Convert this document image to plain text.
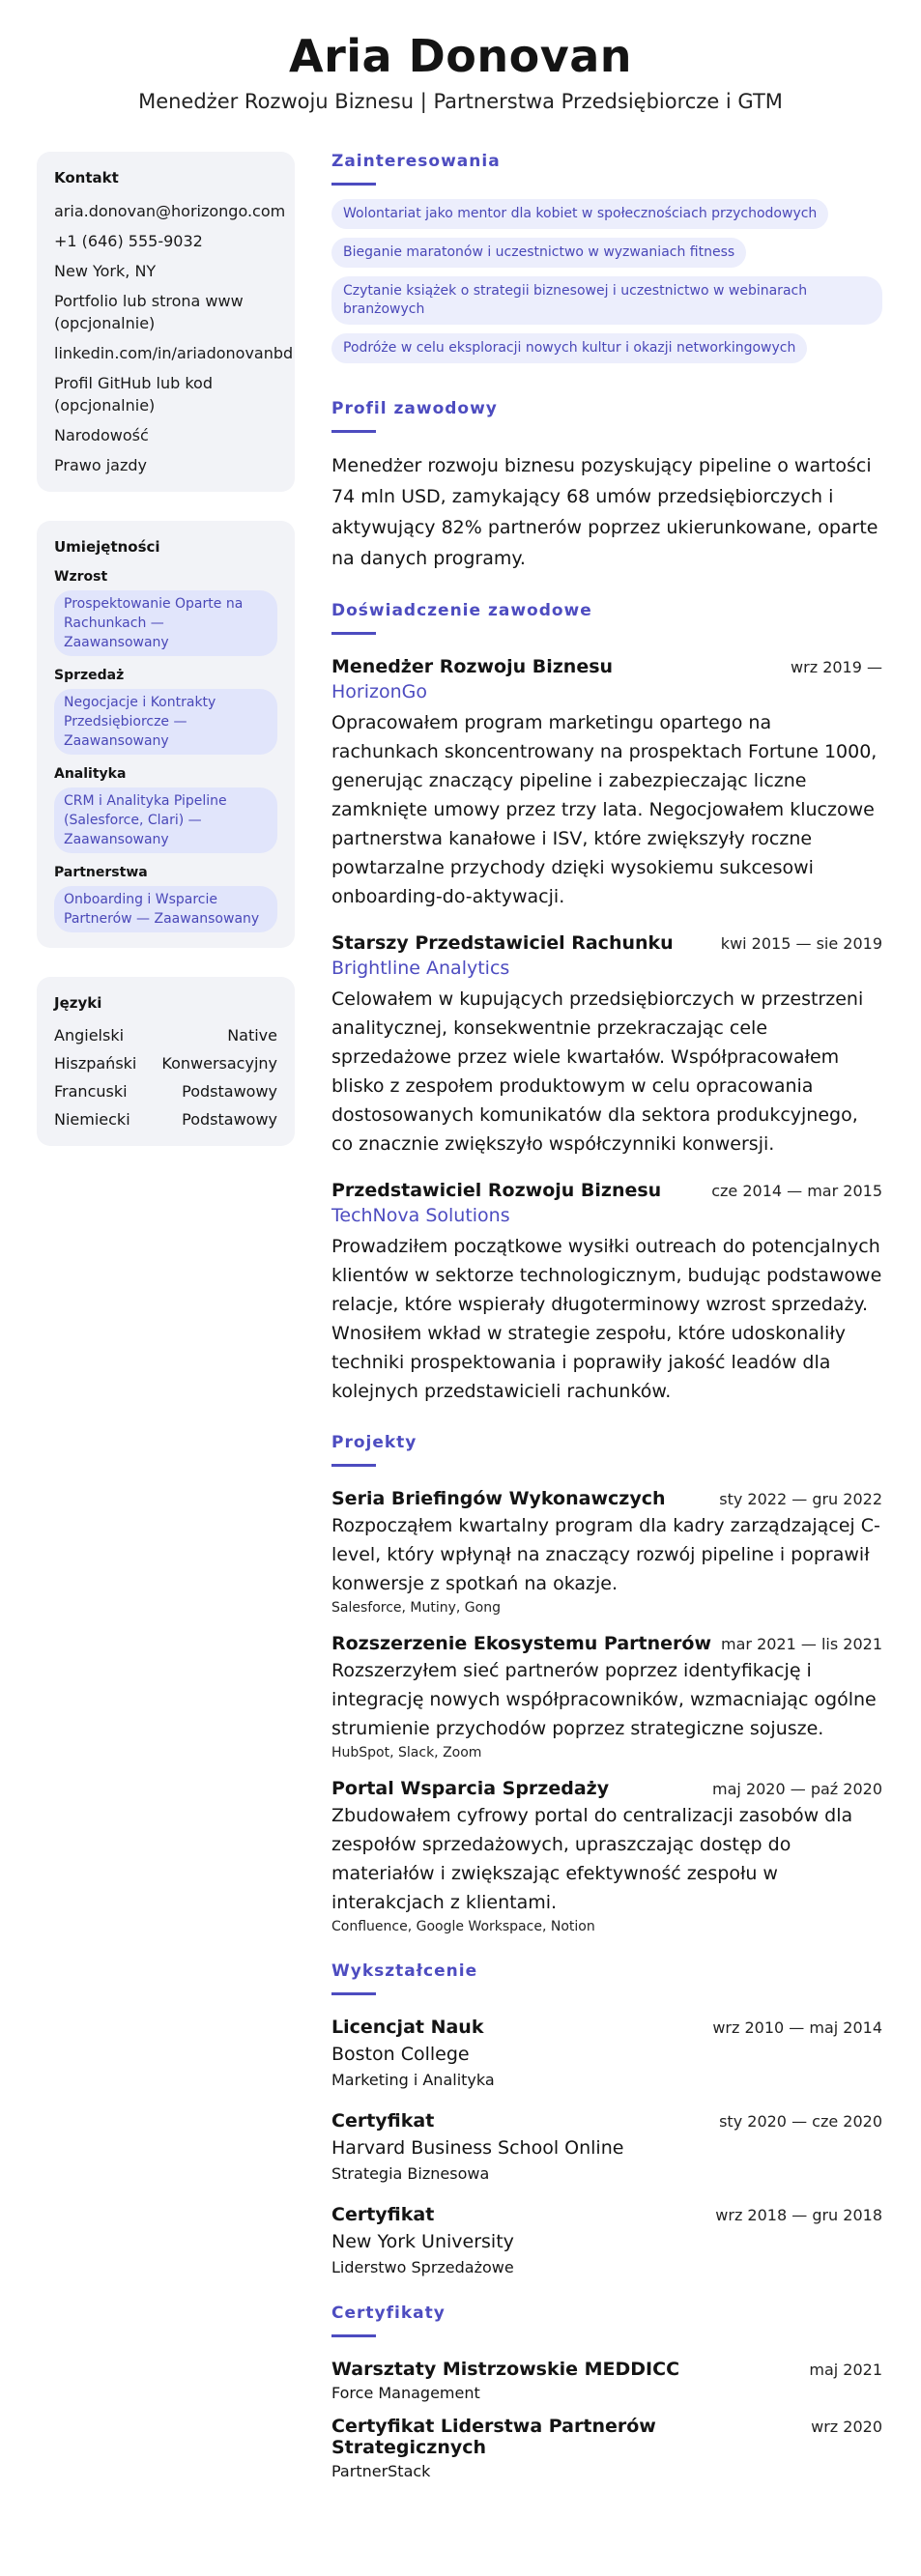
Aria Donovan
Menedżer Rozwoju Biznesu | Partnerstwa Przedsiębiorcze i GTM
Kontakt
aria.donovan@horizongo.com
+1 (646) 555-9032
New York, NY
Portfolio lub strona www (opcjonalnie)
linkedin.com/in/ariadonovanbd
Profil GitHub lub kod (opcjonalnie)
Narodowość
Prawo jazdy
Umiejętności
Wzrost
Prospektowanie Oparte na Rachunkach — Zaawansowany
Sprzedaż
Negocjacje i Kontrakty Przedsiębiorcze — Zaawansowany
Analityka
CRM i Analityka Pipeline (Salesforce, Clari) — Zaawansowany
Partnerstwa
Onboarding i Wsparcie Partnerów — Zaawansowany
Języki
Angielski	Native
Hiszpański Konwersacyjny
Francuski	Podstawowy
Niemiecki	Podstawowy
Zainteresowania
Wolontariat jako mentor dla kobiet w społecznościach przychodowych
Bieganie maratonów i uczestnictwo w wyzwaniach fitness
Czytanie książek o strategii biznesowej i uczestnictwo w webinarach branżowych
Podróże w celu eksploracji nowych kultur i okazji networkingowych
Profil zawodowy
Menedżer rozwoju biznesu pozyskujący pipeline o wartości 74 mln USD, zamykający 68 umów przedsiębiorczych i aktywujący 82% partnerów poprzez ukierunkowane, oparte na danych programy.
Doświadczenie zawodowe
Menedżer Rozwoju Biznesu	wrz 2019 —
HorizonGo
Opracowałem program marketingu opartego na rachunkach skoncentrowany na prospektach Fortune 1000, generując znaczący pipeline i zabezpieczając liczne zamknięte umowy przez trzy lata. Negocjowałem kluczowe partnerstwa kanałowe i ISV, które zwiększyły roczne powtarzalne przychody dzięki wysokiemu sukcesowi onboarding-do-aktywacji.
Starszy Przedstawiciel Rachunku	kwi 2015 — sie 2019
Brightline Analytics
Celowałem w kupujących przedsiębiorczych w przestrzeni analitycznej, konsekwentnie przekraczając cele sprzedażowe przez wiele kwartałów. Współpracowałem blisko z zespołem produktowym w celu opracowania dostosowanych komunikatów dla sektora produkcyjnego, co znacznie zwiększyło współczynniki konwersji.
Przedstawiciel Rozwoju Biznesu	cze 2014 — mar 2015
TechNova Solutions
Prowadziłem początkowe wysiłki outreach do potencjalnych klientów w sektorze technologicznym, budując podstawowe relacje, które wspierały długoterminowy wzrost sprzedaży. Wnosiłem wkład w strategie zespołu, które udoskonaliły techniki prospektowania i poprawiły jakość leadów dla kolejnych przedstawicieli rachunków.
Projekty
Seria Briefingów Wykonawczych	sty 2022 — gru 2022
Rozpocząłem kwartalny program dla kadry zarządzającej C-level, który wpłynął na znaczący rozwój pipeline i poprawił konwersje z spotkań na okazje.
Salesforce, Mutiny, Gong
Rozszerzenie Ekosystemu Partnerów mar 2021 — lis 2021
Rozszerzyłem sieć partnerów poprzez identyfikację i integrację nowych współpracowników, wzmacniając ogólne strumienie przychodów poprzez strategiczne sojusze.
HubSpot, Slack, Zoom
Portal Wsparcia Sprzedaży	maj 2020 — paź 2020
Zbudowałem cyfrowy portal do centralizacji zasobów dla zespołów sprzedażowych, upraszczając dostęp do materiałów i zwiększając efektywność zespołu w interakcjach z klientami.
Confluence, Google Workspace, Notion
Wykształcenie
Licencjat Nauk	wrz 2010 — maj 2014
Boston College
Marketing i Analityka
Certyfikat	sty 2020 — cze 2020
Harvard Business School Online
Strategia Biznesowa
Certyfikat	wrz 2018 — gru 2018
New York University
Liderstwo Sprzedażowe
Certyfikaty
Warsztaty Mistrzowskie MEDDICC	maj 2021
Force Management
Certyfikat Liderstwa Partnerów Strategicznych
wrz 2020
PartnerStack
